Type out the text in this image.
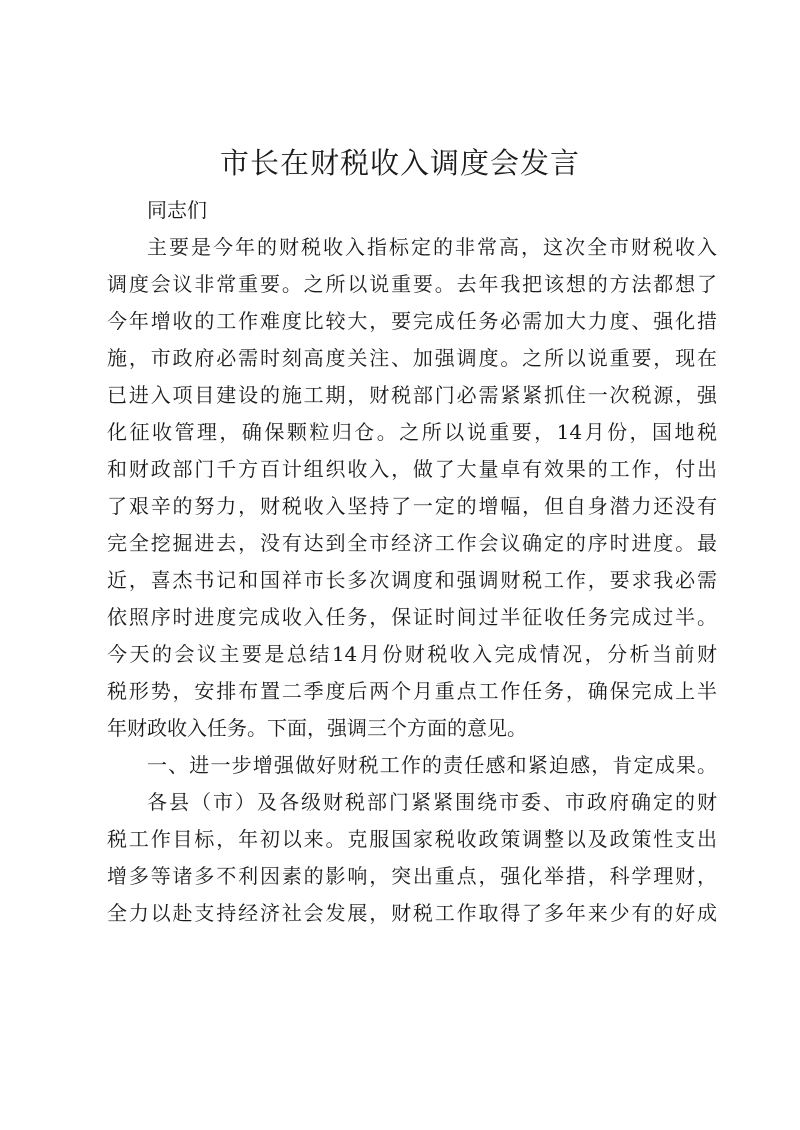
市长在财税收入调度会发言
同志们
主要是今年的财税收入指标定的非常高，这次全市财税收入
调度会议非常重要。之所以说重要。去年我把该想的方法都想了
今年增收的工作难度比较大，要完成任务必需加大力度、强化措
施，市政府必需时刻高度关注、加强调度。之所以说重要，现在
已进入项目建设的施工期，财税部门必需紧紧抓住一次税源，强
化征收管理，确保颗粒归仓。之所以说重要，14月份，国地税
和财政部门千方百计组织收入，做了大量卓有效果的工作，付出
了艰辛的努力，财税收入坚持了一定的增幅，但自身潜力还没有
完全挖掘进去，没有达到全市经济工作会议确定的序时进度。最
近，喜杰书记和国祥市长多次调度和强调财税工作，要求我必需
依照序时进度完成收入任务，保证时间过半征收任务完成过半。
今天的会议主要是总结14月份财税收入完成情况，分析当前财
税形势，安排布置二季度后两个月重点工作任务，确保完成上半
年财政收入任务。下面，强调三个方面的意见。
一、进一步增强做好财税工作的责任感和紧迫感，肯定成果。
各县（市）及各级财税部门紧紧围绕市委、市政府确定的财
税工作目标，年初以来。克服国家税收政策调整以及政策性支出
增多等诸多不利因素的影响，突出重点，强化举措，科学理财，
全力以赴支持经济社会发展，财税工作取得了多年来少有的好成
